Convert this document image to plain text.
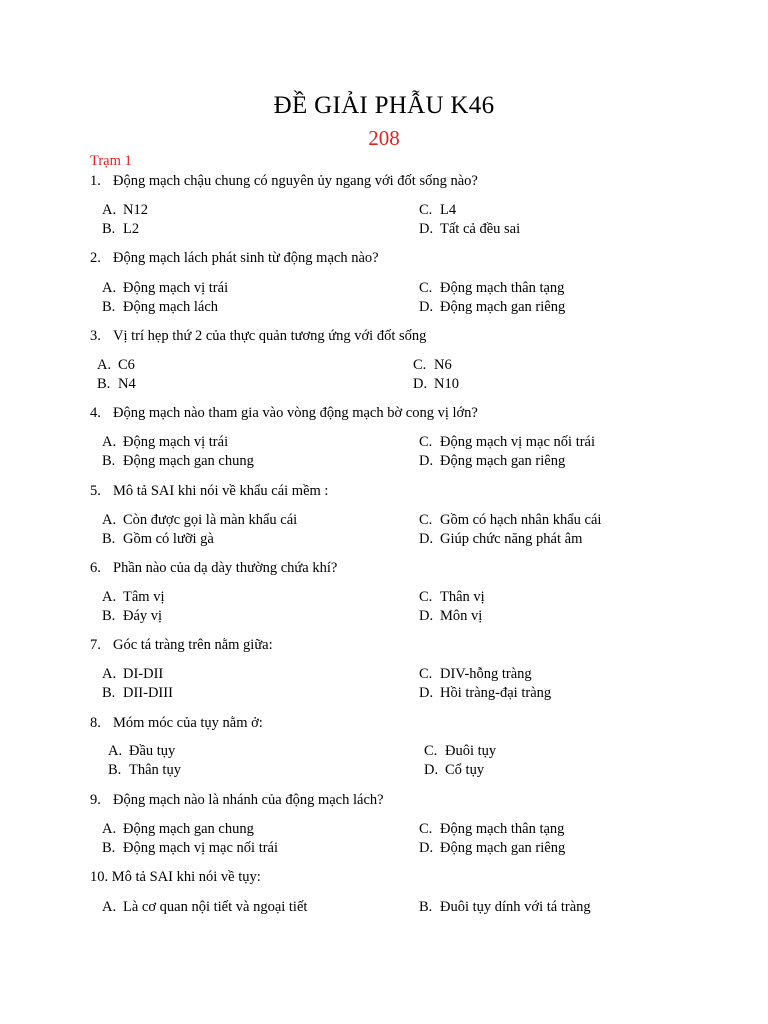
ĐỀ GIẢI PHẪU K46
208
Trạm 1
1. Động mạch chậu chung có nguyên ủy ngang với đốt sống nào?
A. N12
B. L2
C. L4
D. Tất cả đều sai
2. Động mạch lách phát sinh từ động mạch nào?
A. Động mạch vị trái
B. Động mạch lách
C. Động mạch thân tạng
D. Động mạch gan riêng
3. Vị trí hẹp thứ 2 của thực quản tương ứng với đốt sống
A. C6
B. N4
C. N6
D. N10
4. Động mạch nào tham gia vào vòng động mạch bờ cong vị lớn?
A. Động mạch vị trái
B. Động mạch gan chung
C. Động mạch vị mạc nối trái
D. Động mạch gan riêng
5. Mô tả SAI khi nói về khẩu cái mềm :
A. Còn được gọi là màn khẩu cái
B. Gồm có lưỡi gà
C. Gồm có hạch nhân khẩu cái
D. Giúp chức năng phát âm
6. Phần nào của dạ dày thường chứa khí?
A. Tâm vị
B. Đáy vị
C. Thân vị
D. Môn vị
7. Góc tá tràng trên nằm giữa:
A. DI-DII
B. DII-DIII
C. DIV-hỗng tràng
D. Hồi tràng-đại tràng
8. Móm móc của tụy nằm ở:
A. Đầu tụy
B. Thân tụy
C. Đuôi tụy
D. Cổ tụy
9. Động mạch nào là nhánh của động mạch lách?
A. Động mạch gan chung
B. Động mạch vị mạc nối trái
C. Động mạch thân tạng
D. Động mạch gan riêng
10. Mô tả SAI khi nói về tụy:
A. Là cơ quan nội tiết và ngoại tiết	B. Đuôi tụy dính với tá tràng
